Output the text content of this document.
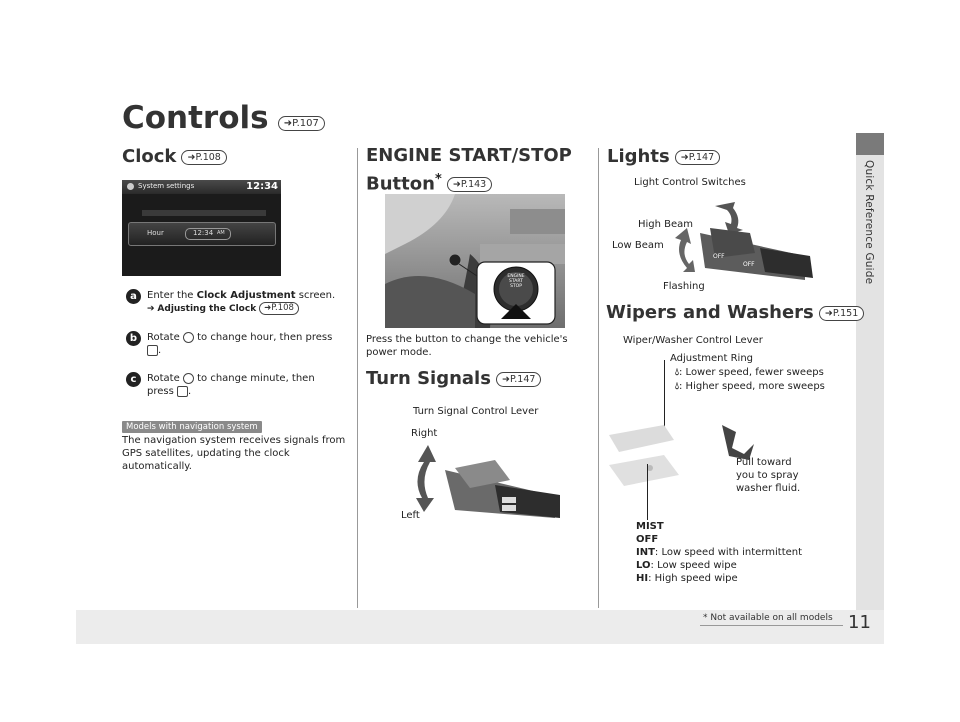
Quick Reference Guide
Controls ➜P.107
Clock ➜P.108
System settings	12:34
Hour	12:34 AM
a	Enter the Clock Adjustment screen.
➔ Adjusting the Clock ➜P.108
b Rotate  to change hour, then press
.
c	Rotate  to change minute, then
press .
Models with navigation system
The navigation system receives signals from
GPS satellites, updating the clock
automatically.
ENGINE START/STOP
Button* ➜P.143
ENGINE
START
STOP
Press the button to change the vehicle's
power mode.
Turn Signals ➜P.147
Turn Signal Control Lever
Right
Left
Lights ➜P.147
Light Control Switches
High Beam
Low Beam
Flashing
OFF
OFF
Wipers and Washers ➜P.151
Wiper/Washer Control Lever
Adjustment Ring
💧︎: Lower speed, fewer sweeps
💧︎: Higher speed, more sweeps
Pull toward
you to spray
washer fluid.
MIST
OFF
INT: Low speed with intermittent
LO: Low speed wipe
HI: High speed wipe
* Not available on all models 11
